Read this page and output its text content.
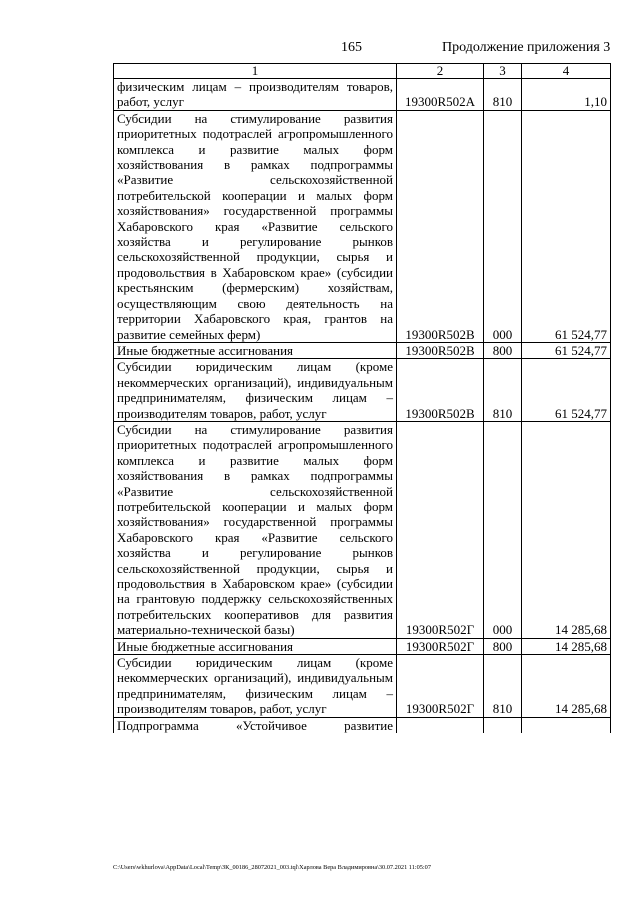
165	Продолжение приложения 3
1	2	3	4
физическим лицам – производителям товаров, работ, услуг	19300R502A	810	1,10
Субсидии на стимулирование развития приоритетных подотраслей агропромышленного комплекса и развитие малых форм хозяйствования в рамках подпрограммы «Развитие сельскохозяйственной потребительской кооперации и малых форм хозяйствования» государственной программы Хабаровского края «Развитие сельского хозяйства и регулирование рынков сельскохозяйственной продукции, сырья и продовольствия в Хабаровском крае» (субсидии крестьянским (фермерским) хозяйствам, осуществляющим свою деятельность на территории Хабаровского края, грантов на развитие семейных ферм)	19300R502В	000	61 524,77
Иные бюджетные ассигнования	19300R502В	800	61 524,77
Субсидии юридическим лицам (кроме некоммерческих организаций), индивидуальным предпринимателям, физическим лицам – производителям товаров, работ, услуг	19300R502В	810	61 524,77
Субсидии на стимулирование развития приоритетных подотраслей агропромышленного комплекса и развитие малых форм хозяйствования в рамках подпрограммы «Развитие сельскохозяйственной потребительской кооперации и малых форм хозяйствования» государственной программы Хабаровского края «Развитие сельского хозяйства и регулирование рынков сельскохозяйственной продукции, сырья и продовольствия в Хабаровском крае» (субсидии на грантовую поддержку сельскохозяйственных потребительских кооперативов для развития материально-технической базы)	19300R502Г	000	14 285,68
Иные бюджетные ассигнования	19300R502Г	800	14 285,68
Субсидии юридическим лицам (кроме некоммерческих организаций), индивидуальным предпринимателям, физическим лицам – производителям товаров, работ, услуг	19300R502Г	810	14 285,68
Подпрограмма «Устойчивое развитие			
C:\Users\wkhurlova\AppData\Local\Temp\ЗК_00186_28072021_003.tql\Харлова Вера Владимировна\30.07.2021 11:05:07
